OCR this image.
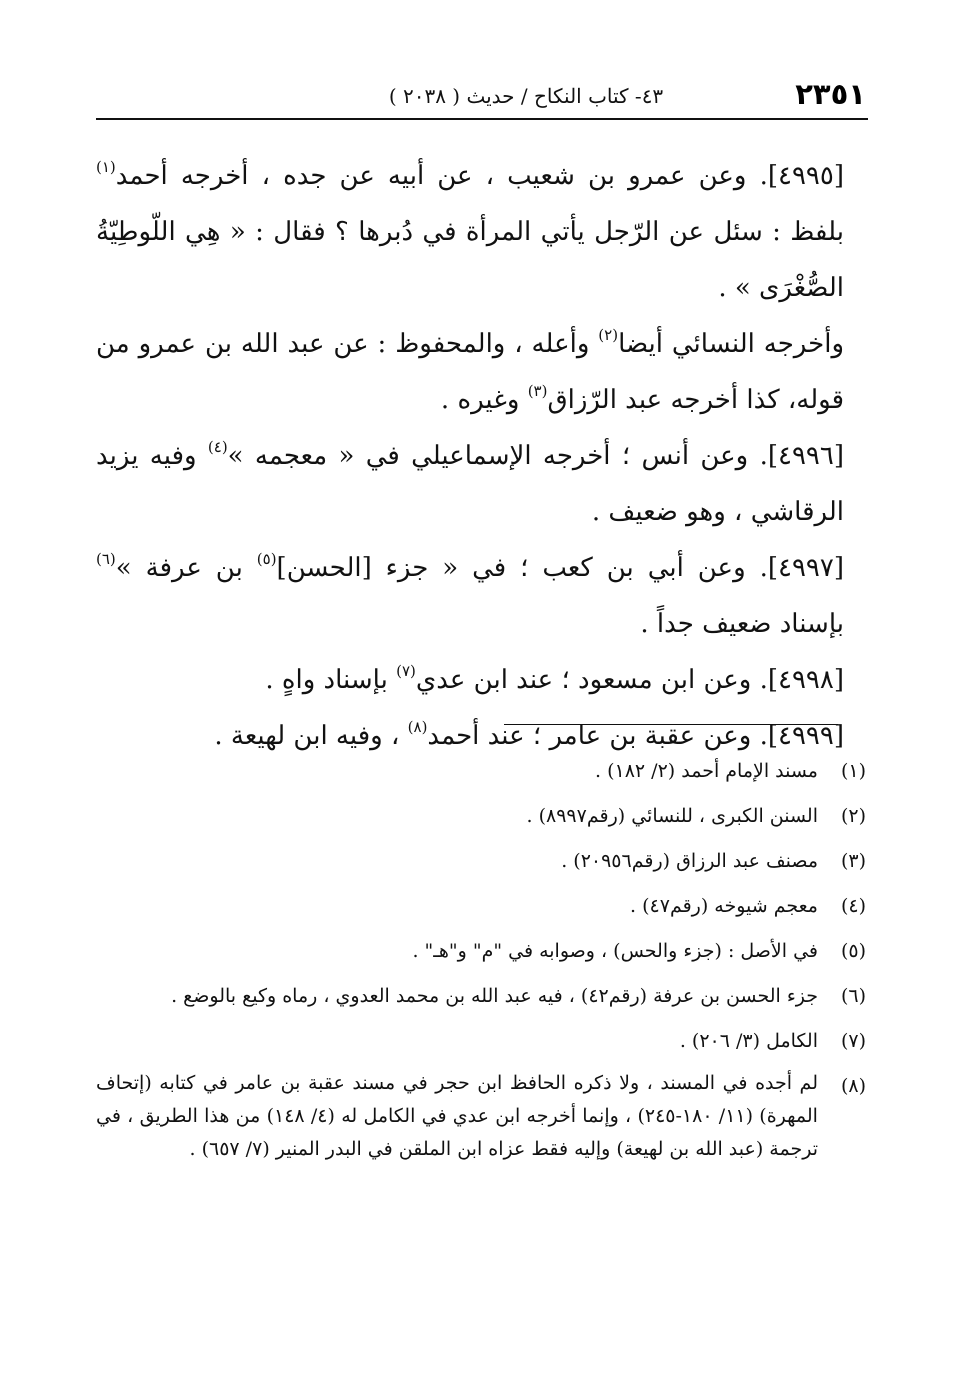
٢٣٥١
٤٣- كتاب النكاح / حديث ( ٢٠٣٨ )

[٤٩٩٥]. وعن عمرو بن شعيب ، عن أبيه عن جده ، أخرجه أحمد$^{(١)}$ بلفظ : سئل عن الرّجل يأتي المرأة في دُبرها ؟ فقال : « هِي اللّوطِيّةُ الصُّغْرَى » .

وأخرجه النسائي أيضا$^{(٢)}$ وأعله ، والمحفوظ : عن عبد الله بن عمرو من قوله، كذا أخرجه عبد الرّزاق$^{(٣)}$ وغيره .

[٤٩٩٦]. وعن أنس ؛ أخرجه الإسماعيلي في « معجمه »$^{(٤)}$ وفيه يزيد الرقاشي ، وهو ضعيف .

[٤٩٩٧]. وعن أبي بن كعب ؛ في « جزء [الحسن]$^{(٥)}$ بن عرفة »$^{(٦)}$ بإسناد ضعيف جداً .

[٤٩٩٨]. وعن ابن مسعود ؛ عند ابن عدي$^{(٧)}$ بإسناد واهٍ .

[٤٩٩٩]. وعن عقبة بن عامر ؛ عند أحمد$^{(٨)}$ ، وفيه ابن لهيعة .

(١)
مسند الإمام أحمد (٢/ ١٨٢) .
(٢)
السنن الكبرى ، للنسائي (رقم٨٩٩٧) .
(٣)
مصنف عبد الرزاق (رقم٢٠٩٥٦) .
(٤)
معجم شيوخه (رقم٤٧) .
(٥)
في الأصل : (جزء والحس) ، وصوابه في "م" و"هـ" .
(٦)
جزء الحسن بن عرفة (رقم٤٢) ، فيه عبد الله بن محمد العدوي ، رماه وكيع بالوضع .
(٧)
الكامل (٣/ ٢٠٦) .
(٨)
لم أجده في المسند ، ولا ذكره الحافظ ابن حجر في مسند عقبة بن عامر في كتابه (إتحاف المهرة) (١١/ ١٨٠-٢٤٥) ، وإنما أخرجه ابن عدي في الكامل له (٤/ ١٤٨) من هذا الطريق ، في ترجمة (عبد الله بن لهيعة) وإليه فقط عزاه ابن الملقن في البدر المنير (٧/ ٦٥٧) .
